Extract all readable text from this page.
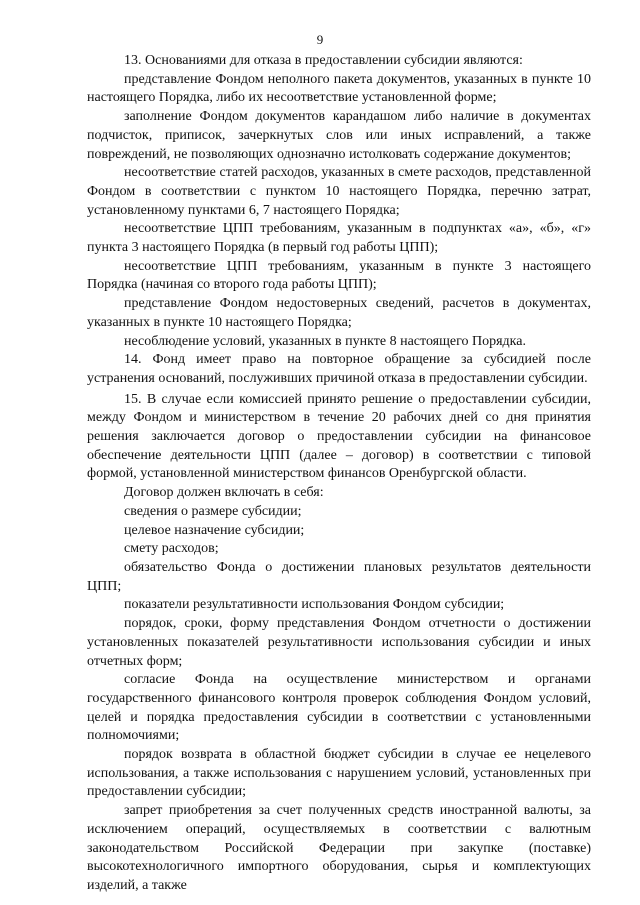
9

13. Основаниями для отказа в предоставлении субсидии являются:

представление Фондом неполного пакета документов, указанных в пункте 10 настоящего Порядка, либо их несоответствие установленной форме;

заполнение Фондом документов карандашом либо наличие в документах подчисток, приписок, зачеркнутых слов или иных исправлений, а также повреждений, не позволяющих однозначно истолковать содержание документов;

несоответствие статей расходов, указанных в смете расходов, представленной Фондом в соответствии с пунктом 10 настоящего Порядка, перечню затрат, установленному пунктами 6, 7 настоящего Порядка;

несоответствие ЦПП требованиям, указанным в подпунктах «а», «б», «г» пункта 3 настоящего Порядка (в первый год работы ЦПП);

несоответствие ЦПП требованиям, указанным в пункте 3 настоящего Порядка (начиная со второго года работы ЦПП);

представление Фондом недостоверных сведений, расчетов в документах, указанных в пункте 10 настоящего Порядка;

несоблюдение условий, указанных в пункте 8 настоящего Порядка.

14. Фонд имеет право на повторное обращение за субсидией после устранения оснований, послуживших причиной отказа в предоставлении субсидии.

15. В случае если комиссией принято решение о предоставлении субсидии, между Фондом и министерством в течение 20 рабочих дней со дня принятия решения заключается договор о предоставлении субсидии на финансовое обеспечение деятельности ЦПП (далее – договор) в соответствии с типовой формой, установленной министерством финансов Оренбургской области.

Договор должен включать в себя:

сведения о размере субсидии;

целевое назначение субсидии;

смету расходов;

обязательство Фонда о достижении плановых результатов деятельности ЦПП;

показатели результативности использования Фондом субсидии;

порядок, сроки, форму представления Фондом отчетности о достижении установленных показателей результативности использования субсидии и иных отчетных форм;

согласие Фонда на осуществление министерством и органами государственного финансового контроля проверок соблюдения Фондом условий, целей и порядка предоставления субсидии в соответствии с установленными полномочиями;

порядок возврата в областной бюджет субсидии в случае ее нецелевого использования, а также использования с нарушением условий, установленных при предоставлении субсидии;

запрет приобретения за счет полученных средств иностранной валюты, за исключением операций, осуществляемых в соответствии с валютным законодательством Российской Федерации при закупке (поставке) высокотехнологичного импортного оборудования, сырья и комплектующих изделий, а также
